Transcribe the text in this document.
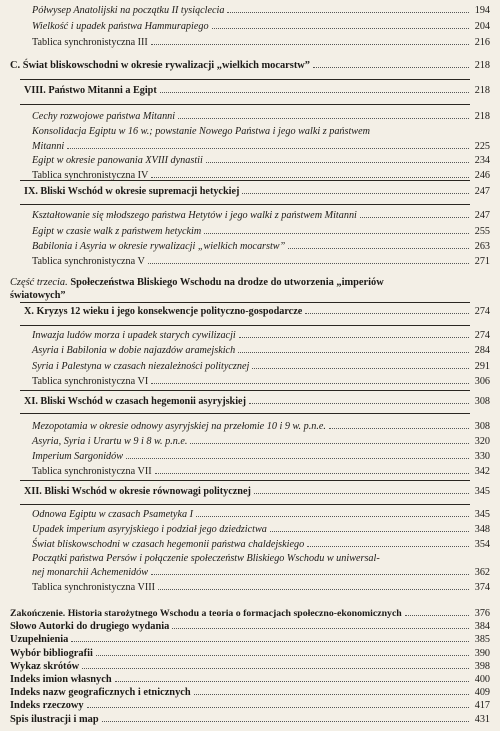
Półwysep Anatolijski na początku II tysiąclecia	194
Wielkość i upadek państwa Hammurapiego	204
Tablica synchronistyczna III	216
C. Świat bliskowschodni w okresie rywalizacji „wielkich mocarstw”	218
VIII. Państwo Mitanni a Egipt	218
Cechy rozwojowe państwa Mitanni	218
Konsolidacja Egiptu w 16 w.; powstanie Nowego Państwa i jego walki z państwem
Mitanni	225
Egipt w okresie panowania XVIII dynastii	234
Tablica synchronistyczna IV	246
IX. Bliski Wschód w okresie supremacji hetyckiej	247
Kształtowanie się młodszego państwa Hetytów i jego walki z państwem Mitanni	247
Egipt w czasie walk z państwem hetyckim	255
Babilonia i Asyria w okresie rywalizacji „wielkich mocarstw”	263
Tablica synchronistyczna V	271
Część trzecia. Społeczeństwa Bliskiego Wschodu na drodze do utworzenia „imperiów
światowych”
X. Kryzys 12 wieku i jego konsekwencje polityczno-gospodarcze	274
Inwazja ludów morza i upadek starych cywilizacji	274
Asyria i Babilonia w dobie najazdów aramejskich	284
Syria i Palestyna w czasach niezależności politycznej	291
Tablica synchronistyczna VI	306
XI. Bliski Wschód w czasach hegemonii asyryjskiej	308
Mezopotamia w okresie odnowy asyryjskiej na przełomie 10 i 9 w. p.n.e.	308
Asyria, Syria i Urartu w 9 i 8 w. p.n.e.	320
Imperium Sargonidów	330
Tablica synchronistyczna VII	342
XII. Bliski Wschód w okresie równowagi politycznej	345
Odnowa Egiptu w czasach Psametyka I	345
Upadek imperium asyryjskiego i podział jego dziedzictwa	348
Świat bliskowschodni w czasach hegemonii państwa chaldejskiego	354
Początki państwa Persów i połączenie społeczeństw Bliskiego Wschodu w uniwersal-
nej monarchii Achemenidów	362
Tablica synchronistyczna VIII	374
Zakończenie. Historia starożytnego Wschodu a teoria o formacjach społeczno-ekonomicznych	376
Słowo Autorki do drugiego wydania	384
Uzupełnienia	385
Wybór bibliografii	390
Wykaz skrótów	398
Indeks imion własnych	400
Indeks nazw geograficznych i etnicznych	409
Indeks rzeczowy	417
Spis ilustracji i map	431
